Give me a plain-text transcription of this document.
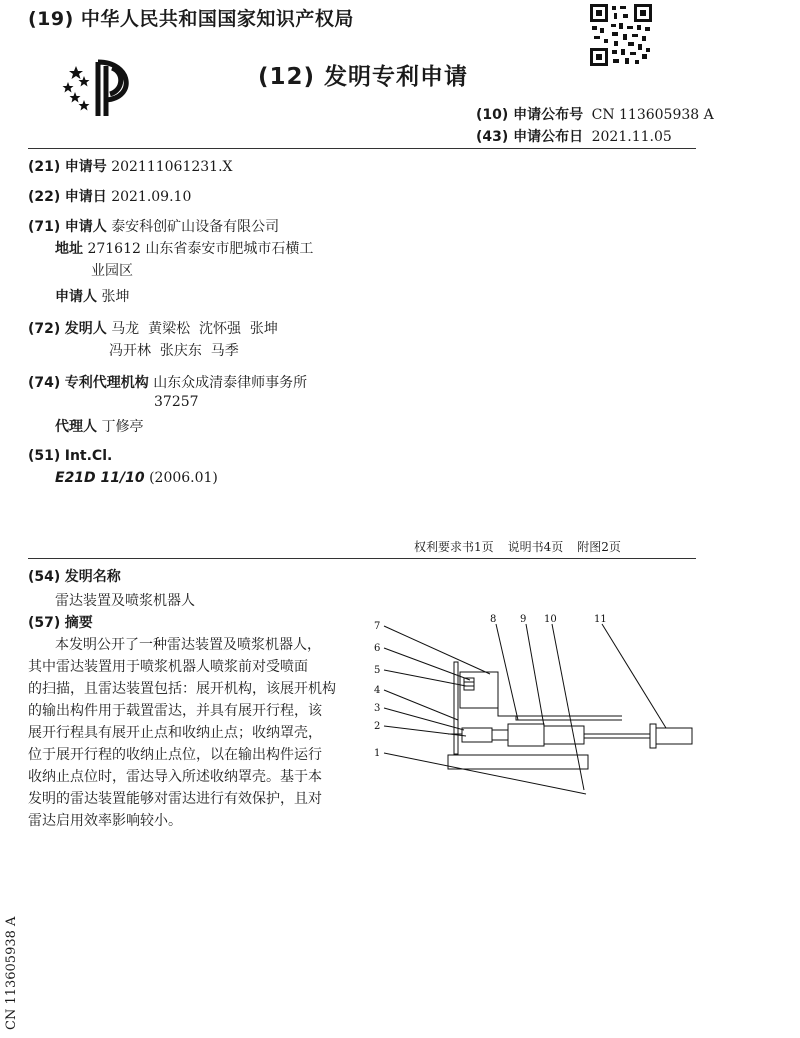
(19) 中华人民共和国国家知识产权局
(12) 发明专利申请
(10) 申请公布号 CN 113605938 A
(43) 申请公布日 2021.11.05
(21) 申请号 202111061231.X
(22) 申请日 2021.09.10
(71) 申请人 泰安科创矿山设备有限公司
地址 271612 山东省泰安市肥城市石横工
业园区
申请人 张坤
(72) 发明人 马龙  黄梁松  沈怀强  张坤
冯开林  张庆东  马季
(74) 专利代理机构 山东众成清泰律师事务所
37257
代理人 丁修亭
(51) Int.Cl.
E21D 11/10 (2006.01)
权利要求书1页 说明书4页 附图2页
(54) 发明名称
雷达装置及喷浆机器人
(57) 摘要
本发明公开了一种雷达装置及喷浆机器人，
其中雷达装置用于喷浆机器人喷浆前对受喷面
的扫描，且雷达装置包括：展开机构，该展开机构
的输出构件用于载置雷达，并具有展开行程，该
展开行程具有展开止点和收纳止点；收纳罩壳，
位于展开行程的收纳止点位，以在输出构件运行
收纳止点位时，雷达导入所述收纳罩壳。基于本
发明的雷达装置能够对雷达进行有效保护，且对
雷达启用效率影响较小。
1
2
3
4
5
6
7
8 9 10	11
CN 113605938 A
